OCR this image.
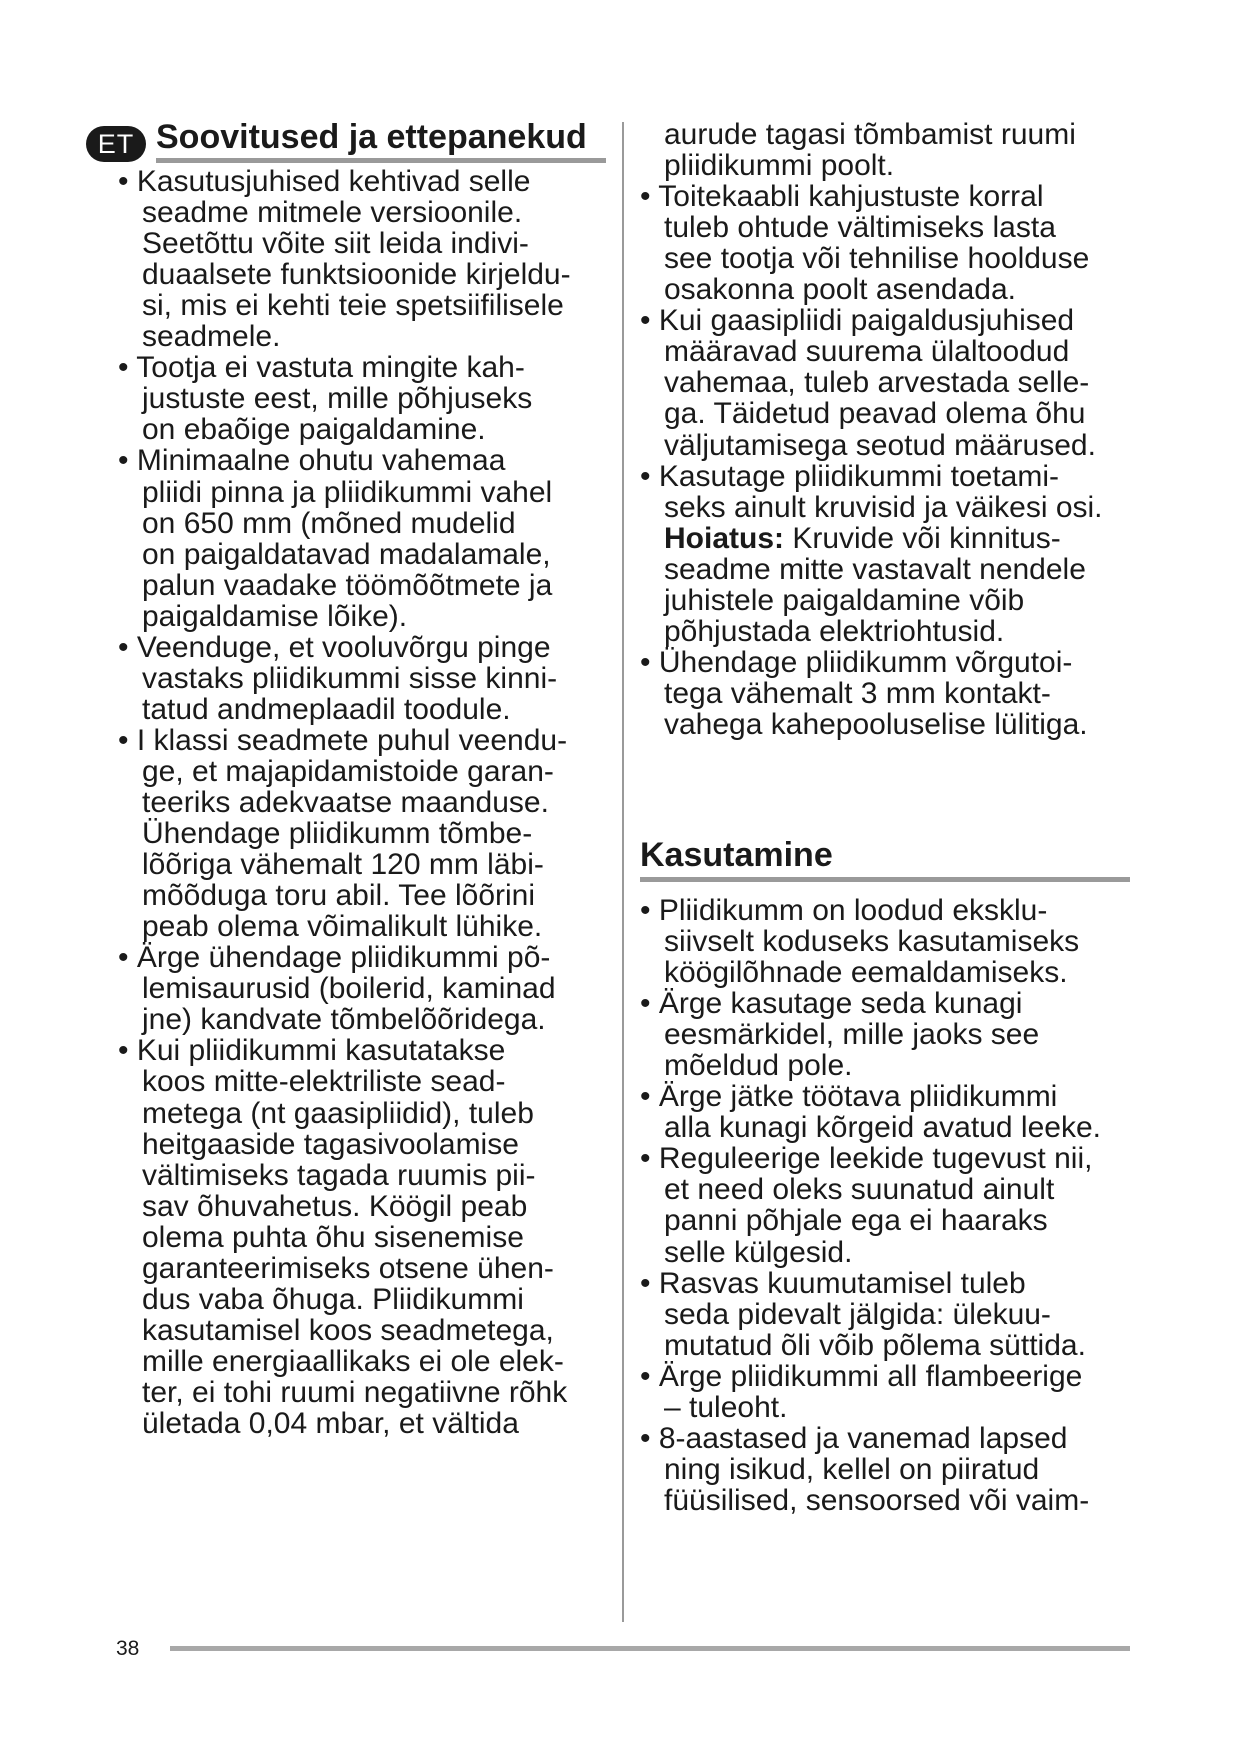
ET Soovitused ja ettepanekud
• Kasutusjuhised kehtivad selle
seadme mitmele versioonile.
Seetõttu võite siit leida indivi-
duaalsete funktsioonide kirjeldu-
si, mis ei kehti teie spetsiifilisele
seadmele.
• Tootja ei vastuta mingite kah-
justuste eest, mille põhjuseks
on ebaõige paigaldamine.
• Minimaalne ohutu vahemaa
pliidi pinna ja pliidikummi vahel
on 650 mm (mõned mudelid
on paigaldatavad madalamale,
palun vaadake töömõõtmete ja
paigaldamise lõike).
• Veenduge, et vooluvõrgu pinge
vastaks pliidikummi sisse kinni-
tatud andmeplaadil toodule.
• I klassi seadmete puhul veendu-
ge, et majapidamistoide garan-
teeriks adekvaatse maanduse.
Ühendage pliidikumm tõmbe-
lõõriga vähemalt 120 mm läbi-
mõõduga toru abil. Tee lõõrini
peab olema võimalikult lühike.
• Ärge ühendage pliidikummi põ-
lemisaurusid (boilerid, kaminad
jne) kandvate tõmbelõõridega.
• Kui pliidikummi kasutatakse
koos mitte-elektriliste sead-
metega (nt gaasipliidid), tuleb
heitgaaside tagasivoolamise
vältimiseks tagada ruumis pii-
sav õhuvahetus. Köögil peab
olema puhta õhu sisenemise
garanteerimiseks otsene ühen-
dus vaba õhuga. Pliidikummi
kasutamisel koos seadmetega,
mille energiaallikaks ei ole elek-
ter, ei tohi ruumi negatiivne rõhk
ületada 0,04 mbar, et vältida
aurude tagasi tõmbamist ruumi
pliidikummi poolt.
• Toitekaabli kahjustuste korral
tuleb ohtude vältimiseks lasta
see tootja või tehnilise hoolduse
osakonna poolt asendada.
• Kui gaasipliidi paigaldusjuhised
määravad suurema ülaltoodud
vahemaa, tuleb arvestada selle-
ga. Täidetud peavad olema õhu
väljutamisega seotud määrused.
• Kasutage pliidikummi toetami-
seks ainult kruvisid ja väikesi osi.
Hoiatus: Kruvide või kinnitus-
seadme mitte vastavalt nendele
juhistele paigaldamine võib
põhjustada elektriohtusid.
• Ühendage pliidikumm võrgutoi-
tega vähemalt 3 mm kontakt-
vahega kahepooluselise lülitiga.
• Pliidikumm on loodud eksklu-
siivselt koduseks kasutamiseks
köögilõhnade eemaldamiseks.
• Ärge kasutage seda kunagi
eesmärkidel, mille jaoks see
mõeldud pole.
• Ärge jätke töötava pliidikummi
alla kunagi kõrgeid avatud leeke.
• Reguleerige leekide tugevust nii,
et need oleks suunatud ainult
panni põhjale ega ei haaraks
selle külgesid.
• Rasvas kuumutamisel tuleb
seda pidevalt jälgida: ülekuu-
mutatud õli võib põlema süttida.
• Ärge pliidikummi all flambeerige
– tuleoht.
• 8-aastased ja vanemad lapsed
ning isikud, kellel on piiratud
füüsilised, sensoorsed või vaim-
Kasutamine
38
